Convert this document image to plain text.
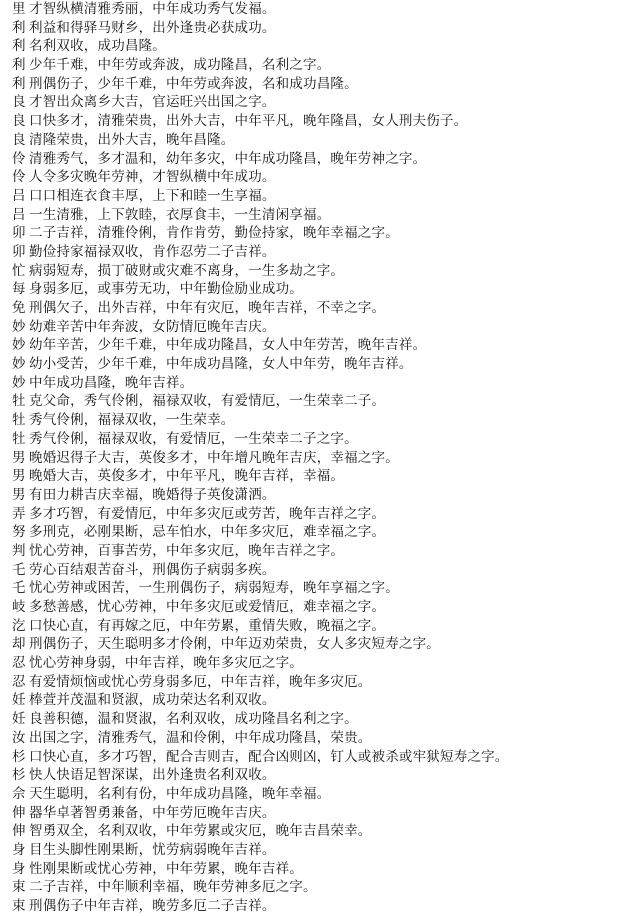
里 才智纵横清雅秀丽，中年成功秀气发福。
利 利益和得驿马财乡，出外逢贵必获成功。
利 名利双收，成功昌隆。
利 少年千难，中年劳或奔波，成功隆昌，名利之字。
利 刑偶伤子，少年千难，中年劳或奔波，名和成功昌隆。
良 才智出众离乡大吉，官运旺兴出国之字。
良 口快多才，清雅荣贵，出外大吉，中年平凡，晚年隆昌，女人刑夫伤子。
良 清隆荣贵，出外大吉，晚年昌隆。
伶 清雅秀气，多才温和，幼年多灾，中年成功隆昌，晚年劳神之字。
伶 人令多灾晚年劳神，才智纵横中年成功。
吕 口口相连衣食丰厚，上下和睦一生享福。
吕 一生清雅，上下敦睦，衣厚食丰，一生清闲享福。
卯 二子吉祥，清雅伶俐，肯作肯劳，勤俭持家，晚年幸福之字。
卯 勤俭持家福禄双收，肯作忍劳二子吉祥。
忙 病弱短寿，损丁破财或灾难不离身，一生多劫之字。
每 身弱多厄，或事劳无功，中年勤俭励业成功。
免 刑偶欠子，出外吉祥，中年有灾厄，晚年吉祥，不幸之字。
妙 幼难辛苦中年奔波，女防情厄晚年吉庆。
妙 幼年辛苦，少年千难，中年成功隆昌，女人中年劳苦，晚年吉祥。
妙 幼小受苦，少年千难，中年成功昌隆，女人中年劳，晚年吉祥。
妙 中年成功昌隆，晚年吉祥。
牡 克父命，秀气伶俐，福禄双收，有爱情厄，一生荣幸二子。
牡 秀气伶俐，福禄双收，一生荣幸。
牡 秀气伶俐，福禄双收，有爱情厄，一生荣幸二子之字。
男 晚婚迟得子大吉，英俊多才，中年增凡晚年吉庆，幸福之字。
男 晚婚大吉，英俊多才，中年平凡，晚年吉祥，幸福。
男 有田力耕吉庆幸福，晚婚得子英俊潇洒。
弄 多才巧智，有爱情厄，中年多灾厄或劳苦，晚年吉祥之字。
努 多刑克，必刚果断，忌车怕水，中年多灾厄，难幸福之字。
判 忧心劳神，百事苦劳，中年多灾厄，晚年吉祥之字。
乇 劳心百结艰苦奋斗，刑偶伤子病弱多疾。
乇 忧心劳神或困苦，一生刑偶伤子，病弱短寿，晚年享福之字。
岐 多愁善感，忧心劳神，中年多灾厄或爱情厄，难幸福之字。
汔 口快心直，有再嫁之厄，中年劳累，重情失败，晚福之字。
却 刑偶伤子，天生聪明多才伶俐，中年迈劝荣贵，女人多灾短寿之字。
忍 忧心劳神身弱，中年吉祥，晚年多灾厄之字。
忍 有爱情烦恼或忧心劳身弱多厄，中年吉祥，晚年多灾厄。
妊 棒萱并茂温和贤淑，成功荣达名利双收。
妊 良善积德，温和贤淑，名利双收，成功隆昌名利之字。
汝 出国之字，清雅秀气，温和伶俐，中年成功隆昌，荣贵。
杉 口快心直，多才巧智，配合吉则吉，配合凶则凶，钉人或被杀或牢狱短寿之字。
杉 快人快语足智深谋，出外逢贵名利双收。
佘 天生聪明，名利有份，中年成功昌隆，晚年幸福。
伸 器华卓著智勇兼备，中年劳厄晚年吉庆。
伸 智勇双全，名利双收，中年劳累或灾厄，晚年吉昌荣幸。
身 目生头脚性刚果断，忧劳病弱晚年吉祥。
身 性刚果断或忧心劳神，中年劳累，晚年吉祥。
束 二子吉祥，中年顺利幸福，晚年劳神多厄之字。
束 刑偶伤子中年吉祥，晚劳多厄二子吉祥。
